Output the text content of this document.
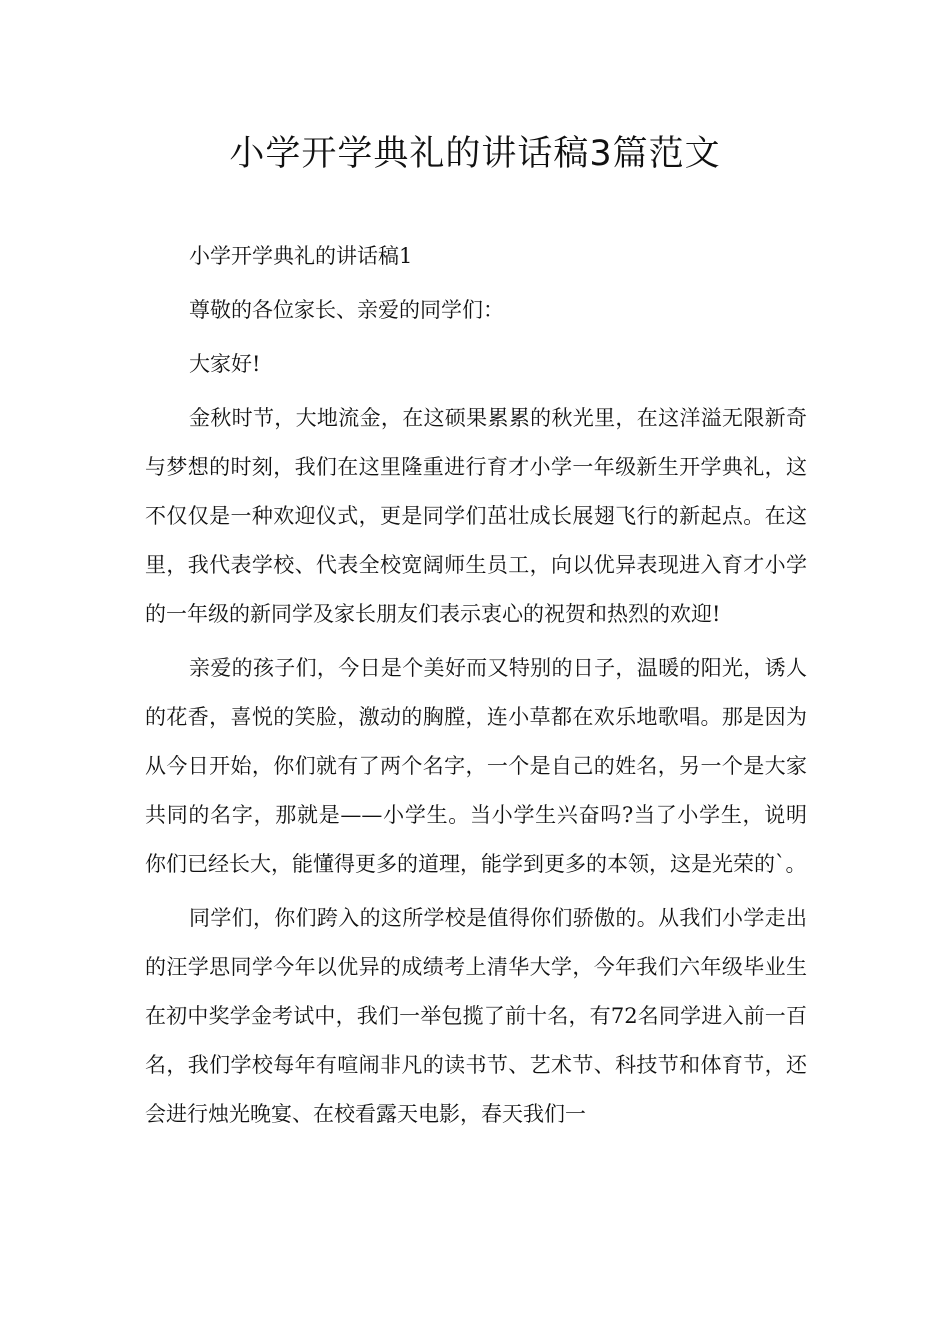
小学开学典礼的讲话稿3篇范文

小学开学典礼的讲话稿1

尊敬的各位家长、亲爱的同学们：

大家好!

金秋时节，大地流金，在这硕果累累的秋光里，在这洋溢无限新奇与梦想的时刻，我们在这里隆重进行育才小学一年级新生开学典礼，这不仅仅是一种欢迎仪式，更是同学们茁壮成长展翅飞行的新起点。在这里，我代表学校、代表全校宽阔师生员工，向以优异表现进入育才小学的一年级的新同学及家长朋友们表示衷心的祝贺和热烈的欢迎!

亲爱的孩子们，今日是个美好而又特别的日子，温暖的阳光，诱人的花香，喜悦的笑脸，激动的胸膛，连小草都在欢乐地歌唱。那是因为从今日开始，你们就有了两个名字，一个是自己的姓名，另一个是大家共同的名字，那就是——小学生。当小学生兴奋吗?当了小学生，说明你们已经长大，能懂得更多的道理，能学到更多的本领，这是光荣的`。

同学们，你们跨入的这所学校是值得你们骄傲的。从我们小学走出的汪学思同学今年以优异的成绩考上清华大学，今年我们六年级毕业生在初中奖学金考试中，我们一举包揽了前十名，有72名同学进入前一百名，我们学校每年有喧闹非凡的读书节、艺术节、科技节和体育节，还会进行烛光晚宴、在校看露天电影，春天我们一
